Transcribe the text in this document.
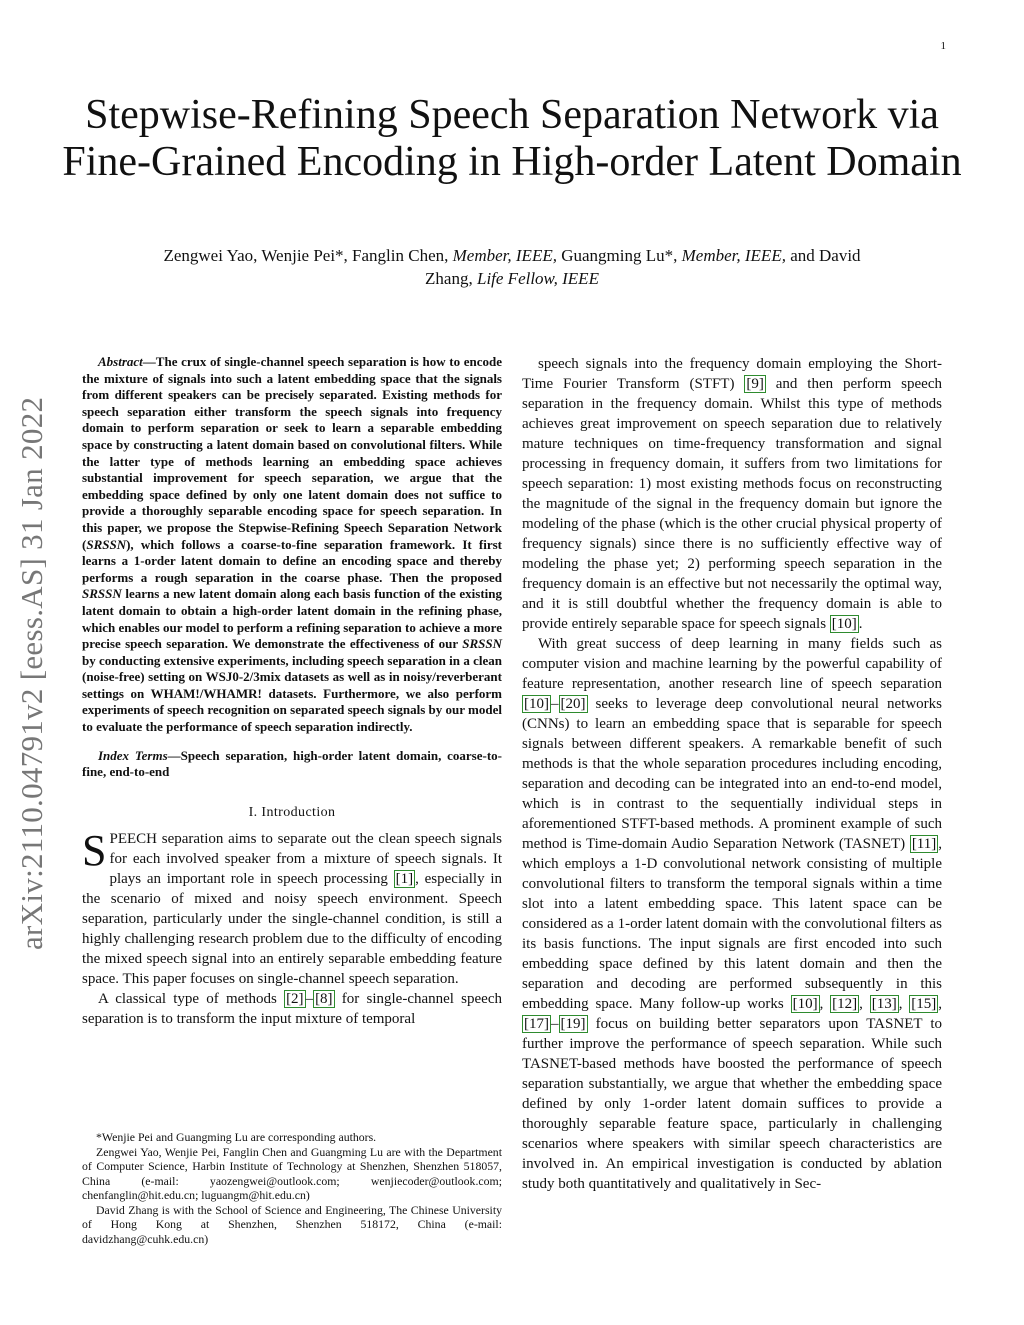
1
Stepwise-Refining Speech Separation Network via Fine-Grained Encoding in High-order Latent Domain
Zengwei Yao, Wenjie Pei*, Fanglin Chen, Member, IEEE, Guangming Lu*, Member, IEEE, and David
Zhang, Life Fellow, IEEE
arXiv:2110.04791v2 [eess.AS] 31 Jan 2022

Abstract—The crux of single-channel speech separation is how to encode the mixture of signals into such a latent embedding space that the signals from different speakers can be precisely separated. Existing methods for speech separation either transform the speech signals into frequency domain to perform separation or seek to learn a separable embedding space by constructing a latent domain based on convolutional filters. While the latter type of methods learning an embedding space achieves substantial improvement for speech separation, we argue that the embedding space defined by only one latent domain does not suffice to provide a thoroughly separable encoding space for speech separation. In this paper, we propose the Stepwise-Refining Speech Separation Network (SRSSN), which follows a coarse-to-fine separation framework. It first learns a 1-order latent domain to define an encoding space and thereby performs a rough separation in the coarse phase. Then the proposed SRSSN learns a new latent domain along each basis function of the existing latent domain to obtain a high-order latent domain in the refining phase, which enables our model to perform a refining separation to achieve a more precise speech separation. We demonstrate the effectiveness of our SRSSN by conducting extensive experiments, including speech separation in a clean (noise-free) setting on WSJ0-2/3mix datasets as well as in noisy/reverberant settings on WHAM!/WHAMR! datasets. Furthermore, we also perform experiments of speech recognition on separated speech signals by our model to evaluate the performance of speech separation indirectly.

Index Terms—Speech separation, high-order latent domain, coarse-to-fine, end-to-end

I. Introduction

SPEECH separation aims to separate out the clean speech signals for each involved speaker from a mixture of speech signals. It plays an important role in speech processing [1] , especially in the scenario of mixed and noisy speech environment. Speech separation, particularly under the single-channel condition, is still a highly challenging research problem due to the difficulty of encoding the mixed speech signal into an entirely separable embedding feature space. This paper focuses on single-channel speech separation.

A classical type of methods [2] – [8] for single-channel speech separation is to transform the input mixture of temporal

*Wenjie Pei and Guangming Lu are corresponding authors.

Zengwei Yao, Wenjie Pei, Fanglin Chen and Guangming Lu are with the Department of Computer Science, Harbin Institute of Technology at Shenzhen, Shenzhen 518057, China (e-mail: yaozengwei@outlook.com; wenjiecoder@outlook.com; chenfanglin@hit.edu.cn; luguangm@hit.edu.cn)

David Zhang is with the School of Science and Engineering, The Chinese University of Hong Kong at Shenzhen, Shenzhen 518172, China (e-mail: davidzhang@cuhk.edu.cn)

speech signals into the frequency domain employing the Short-Time Fourier Transform (STFT) [9] and then perform speech separation in the frequency domain. Whilst this type of methods achieves great improvement on speech separation due to relatively mature techniques on time-frequency transformation and signal processing in frequency domain, it suffers from two limitations for speech separation: 1) most existing methods focus on reconstructing the magnitude of the signal in the frequency domain but ignore the modeling of the phase (which is the other crucial physical property of frequency signals) since there is no sufficiently effective way of modeling the phase yet; 2) performing speech separation in the frequency domain is an effective but not necessarily the optimal way, and it is still doubtful whether the frequency domain is able to provide entirely separable space for speech signals [10] .

With great success of deep learning in many fields such as computer vision and machine learning by the powerful capability of feature representation, another research line of speech separation [10] – [20] seeks to leverage deep convolutional neural networks (CNNs) to learn an embedding space that is separable for speech signals between different speakers. A remarkable benefit of such methods is that the whole separation procedures including encoding, separation and decoding can be integrated into an end-to-end model, which is in contrast to the sequentially individual steps in aforementioned STFT-based methods. A prominent example of such method is Time-domain Audio Separation Network (TASNET) [11] , which employs a 1-D convolutional network consisting of multiple convolutional filters to transform the temporal signals within a time slot into a latent embedding space. This latent space can be considered as a 1-order latent domain with the convolutional filters as its basis functions. The input signals are first encoded into such embedding space defined by this latent domain and then the separation and decoding are performed subsequently in this embedding space. Many follow-up works [10] , [12] , [13] , [15] , [17] – [19] focus on building better separators upon TASNET to further improve the performance of speech separation. While such TASNET-based methods have boosted the performance of speech separation substantially, we argue that whether the embedding space defined by only 1-order latent domain suffices to provide a thoroughly separable feature space, particularly in challenging scenarios where speakers with similar speech characteristics are involved in. An empirical investigation is conducted by ablation study both quantitatively and qualitatively in Sec-
